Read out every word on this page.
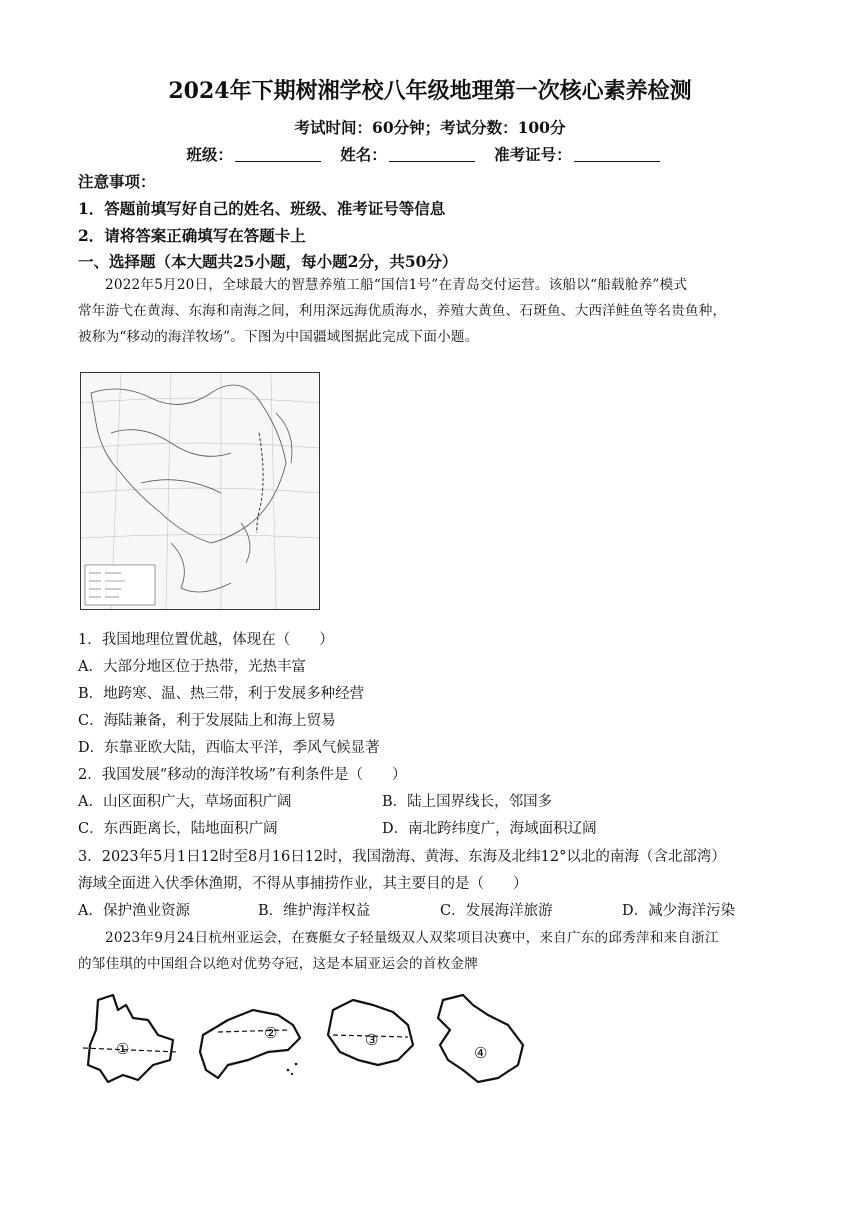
2024年下期树湘学校八年级地理第一次核心素养检测
考试时间：60分钟；考试分数：100分
班级：	姓名：	准考证号：
注意事项：
1．答题前填写好自己的姓名、班级、准考证号等信息
2．请将答案正确填写在答题卡上
一、选择题（本大题共25小题，每小题2分，共50分）
2022年5月20日，全球最大的智慧养殖工船“国信1号”在青岛交付运营。该船以“船载舱养”模式
常年游弋在黄海、东海和南海之间，利用深远海优质海水，养殖大黄鱼、石斑鱼、大西洋鲑鱼等名贵鱼种，
被称为“移动的海洋牧场”。下图为中国疆域图据此完成下面小题。
1．我国地理位置优越，体现在（　　）
A．大部分地区位于热带，光热丰富
B．地跨寒、温、热三带，利于发展多种经营
C．海陆兼备，利于发展陆上和海上贸易
D．东靠亚欧大陆，西临太平洋，季风气候显著
2．我国发展“移动的海洋牧场”有利条件是（　　）
A．山区面积广大，草场面积广阔	B．陆上国界线长，邻国多
C．东西距离长，陆地面积广阔	D．南北跨纬度广，海域面积辽阔
3．2023年5月1日12时至8月16日12时，我国渤海、黄海、东海及北纬12°以北的南海（含北部湾）
海域全面进入伏季休渔期，不得从事捕捞作业，其主要目的是（　　）
A．保护渔业资源	B．维护海洋权益	C．发展海洋旅游	D．减少海洋污染
2023年9月24日杭州亚运会，在赛艇女子轻量级双人双桨项目决赛中，来自广东的邱秀萍和来自浙江
的邹佳琪的中国组合以绝对优势夺冠，这是本届亚运会的首枚金牌
①
②	③
④
